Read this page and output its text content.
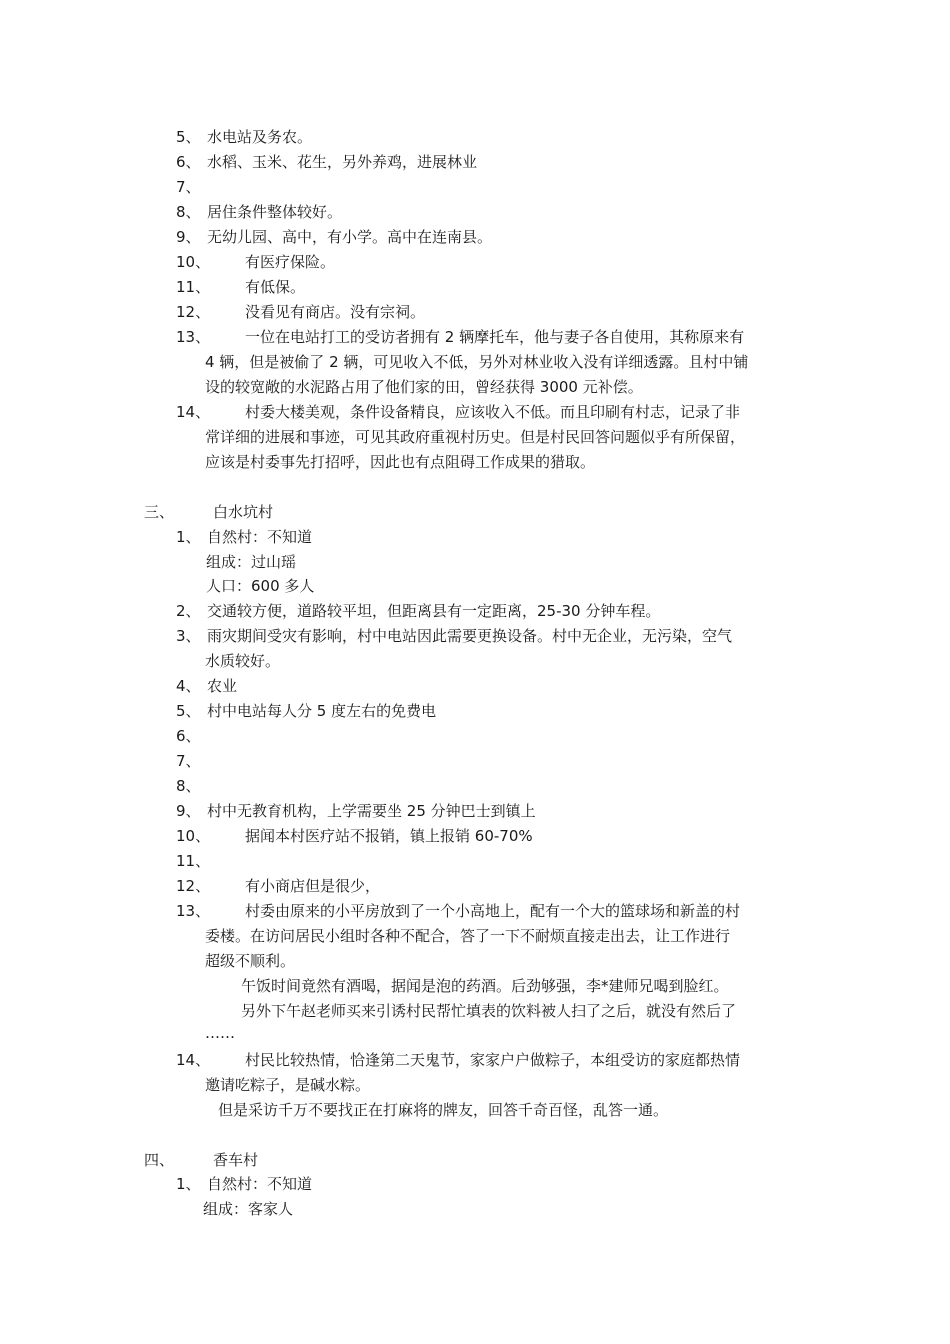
5、 水电站及务农。
6、 水稻、玉米、花生，另外养鸡，进展林业
7、
8、 居住条件整体较好。
9、 无幼儿园、高中，有小学。高中在连南县。
10、 有医疗保险。
11、 有低保。
12、 没看见有商店。没有宗祠。
13、 一位在电站打工的受访者拥有 2 辆摩托车，他与妻子各自使用，其称原来有
4 辆，但是被偷了 2 辆，可见收入不低，另外对林业收入没有详细透露。且村中铺
设的较宽敞的水泥路占用了他们家的田，曾经获得 3000 元补偿。
14、 村委大楼美观，条件设备精良，应该收入不低。而且印刷有村志，记录了非
常详细的进展和事迹，可见其政府重视村历史。但是村民回答问题似乎有所保留，
应该是村委事先打招呼，因此也有点阻碍工作成果的猎取。
三、	白水坑村
1、 自然村：不知道
组成：过山瑶
人口：600 多人
2、 交通较方便，道路较平坦，但距离县有一定距离，25-30 分钟车程。
3、 雨灾期间受灾有影响，村中电站因此需要更换设备。村中无企业，无污染，空气
水质较好。
4、 农业
5、 村中电站每人分 5 度左右的免费电
6、
7、
8、
9、 村中无教育机构，上学需要坐 25 分钟巴士到镇上
10、 据闻本村医疗站不报销，镇上报销 60-70%
11、
12、 有小商店但是很少，
13、 村委由原来的小平房放到了一个小高地上，配有一个大的篮球场和新盖的村
委楼。在访问居民小组时各种不配合，答了一下不耐烦直接走出去，让工作进行
超级不顺利。
午饭时间竟然有酒喝，据闻是泡的药酒。后劲够强，李*建师兄喝到脸红。
另外下午赵老师买来引诱村民帮忙填表的饮料被人扫了之后，就没有然后了
……
14、 村民比较热情，恰逢第二天鬼节，家家户户做粽子，本组受访的家庭都热情
邀请吃粽子，是碱水粽。
但是采访千万不要找正在打麻将的牌友，回答千奇百怪，乱答一通。
四、	香车村
1、 自然村：不知道
组成：客家人
